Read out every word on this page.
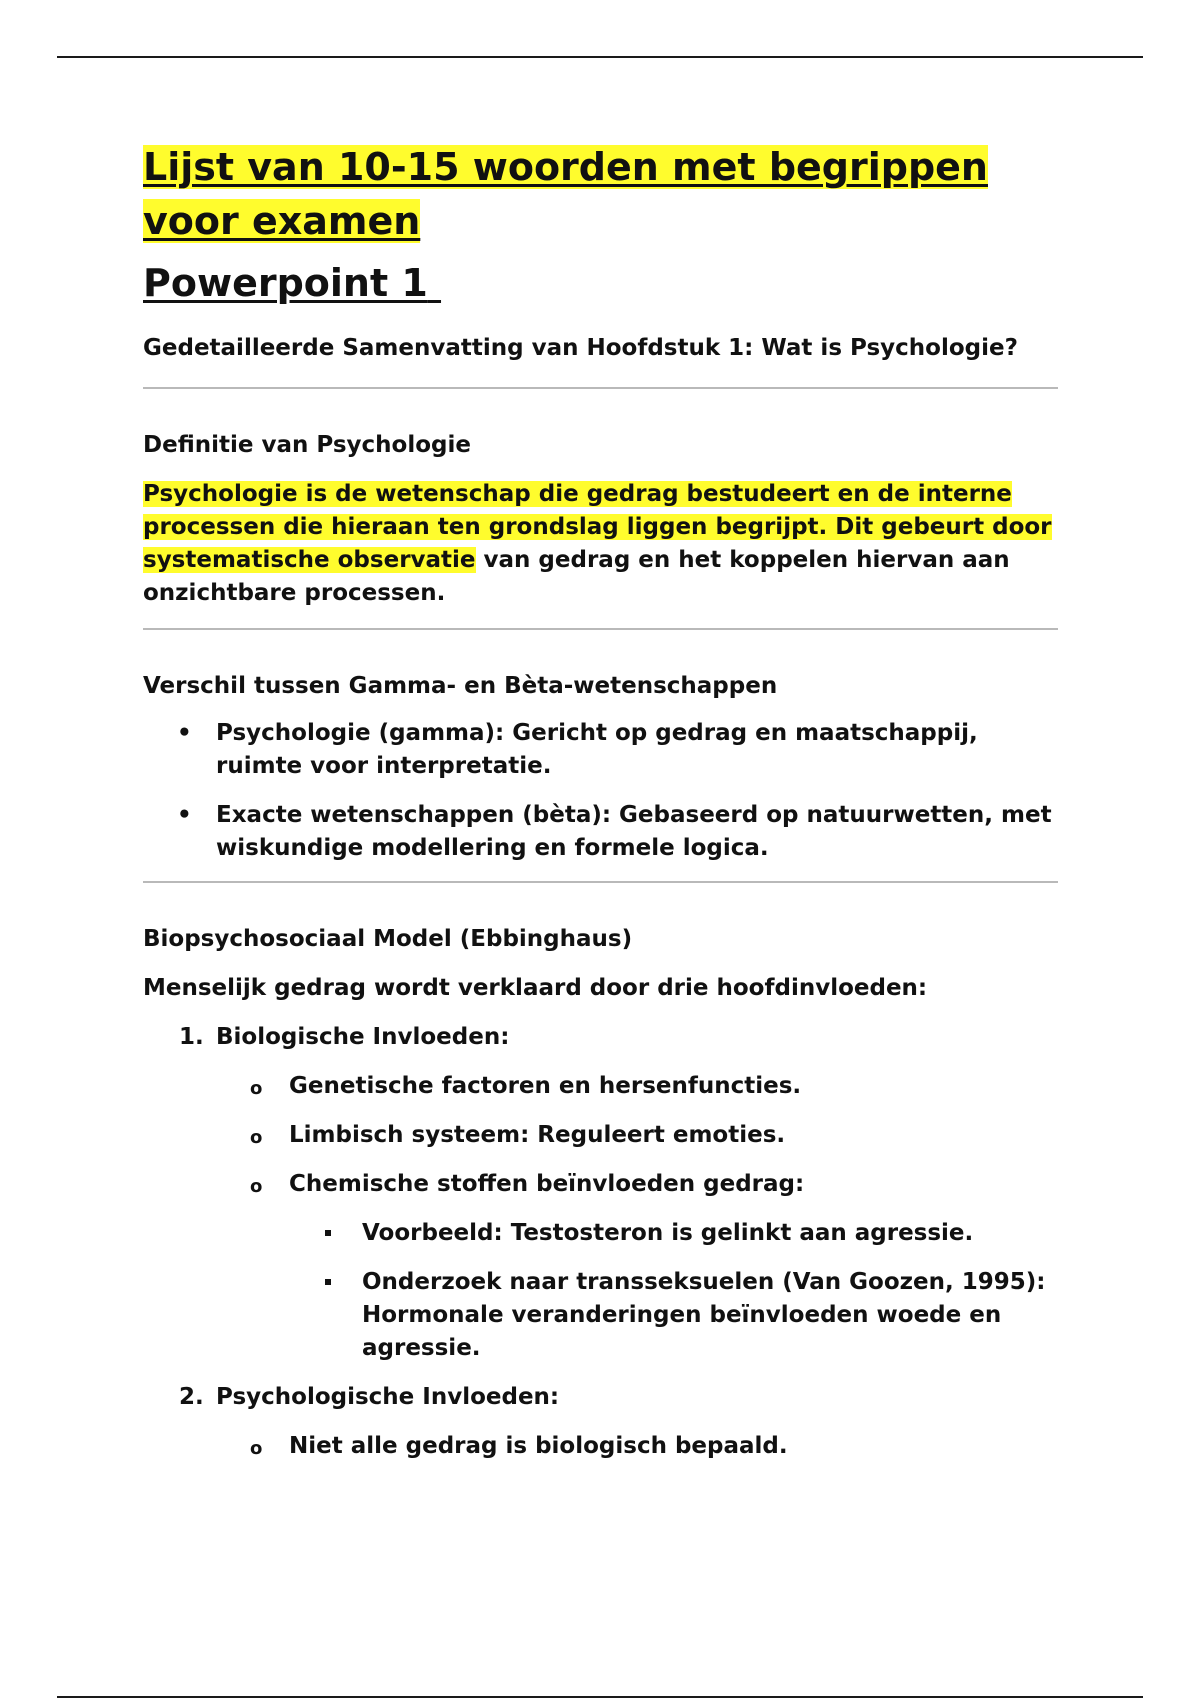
Lijst van 10-15 woorden met begrippen
voor examen
Powerpoint 1

Gedetailleerde Samenvatting van Hoofdstuk 1: Wat is Psychologie?

Definitie van Psychologie

Psychologie is de wetenschap die gedrag bestudeert en de interne processen die hieraan ten grondslag liggen begrijpt. Dit gebeurt door systematische observatie van gedrag en het koppelen hiervan aan onzichtbare processen.

Verschil tussen Gamma- en Bèta-wetenschappen

• Psychologie (gamma): Gericht op gedrag en maatschappij, ruimte voor interpretatie.
• Exacte wetenschappen (bèta): Gebaseerd op natuurwetten, met wiskundige modellering en formele logica.

Biopsychosociaal Model (Ebbinghaus)

Menselijk gedrag wordt verklaard door drie hoofdinvloeden:

1. Biologische Invloeden:
o Genetische factoren en hersenfuncties.
o Limbisch systeem: Reguleert emoties.
o Chemische stoffen beïnvloeden gedrag:
Voorbeeld: Testosteron is gelinkt aan agressie.
Onderzoek naar transseksuelen (Van Goozen, 1995): Hormonale veranderingen beïnvloeden woede en agressie.
2. Psychologische Invloeden:
o Niet alle gedrag is biologisch bepaald.
